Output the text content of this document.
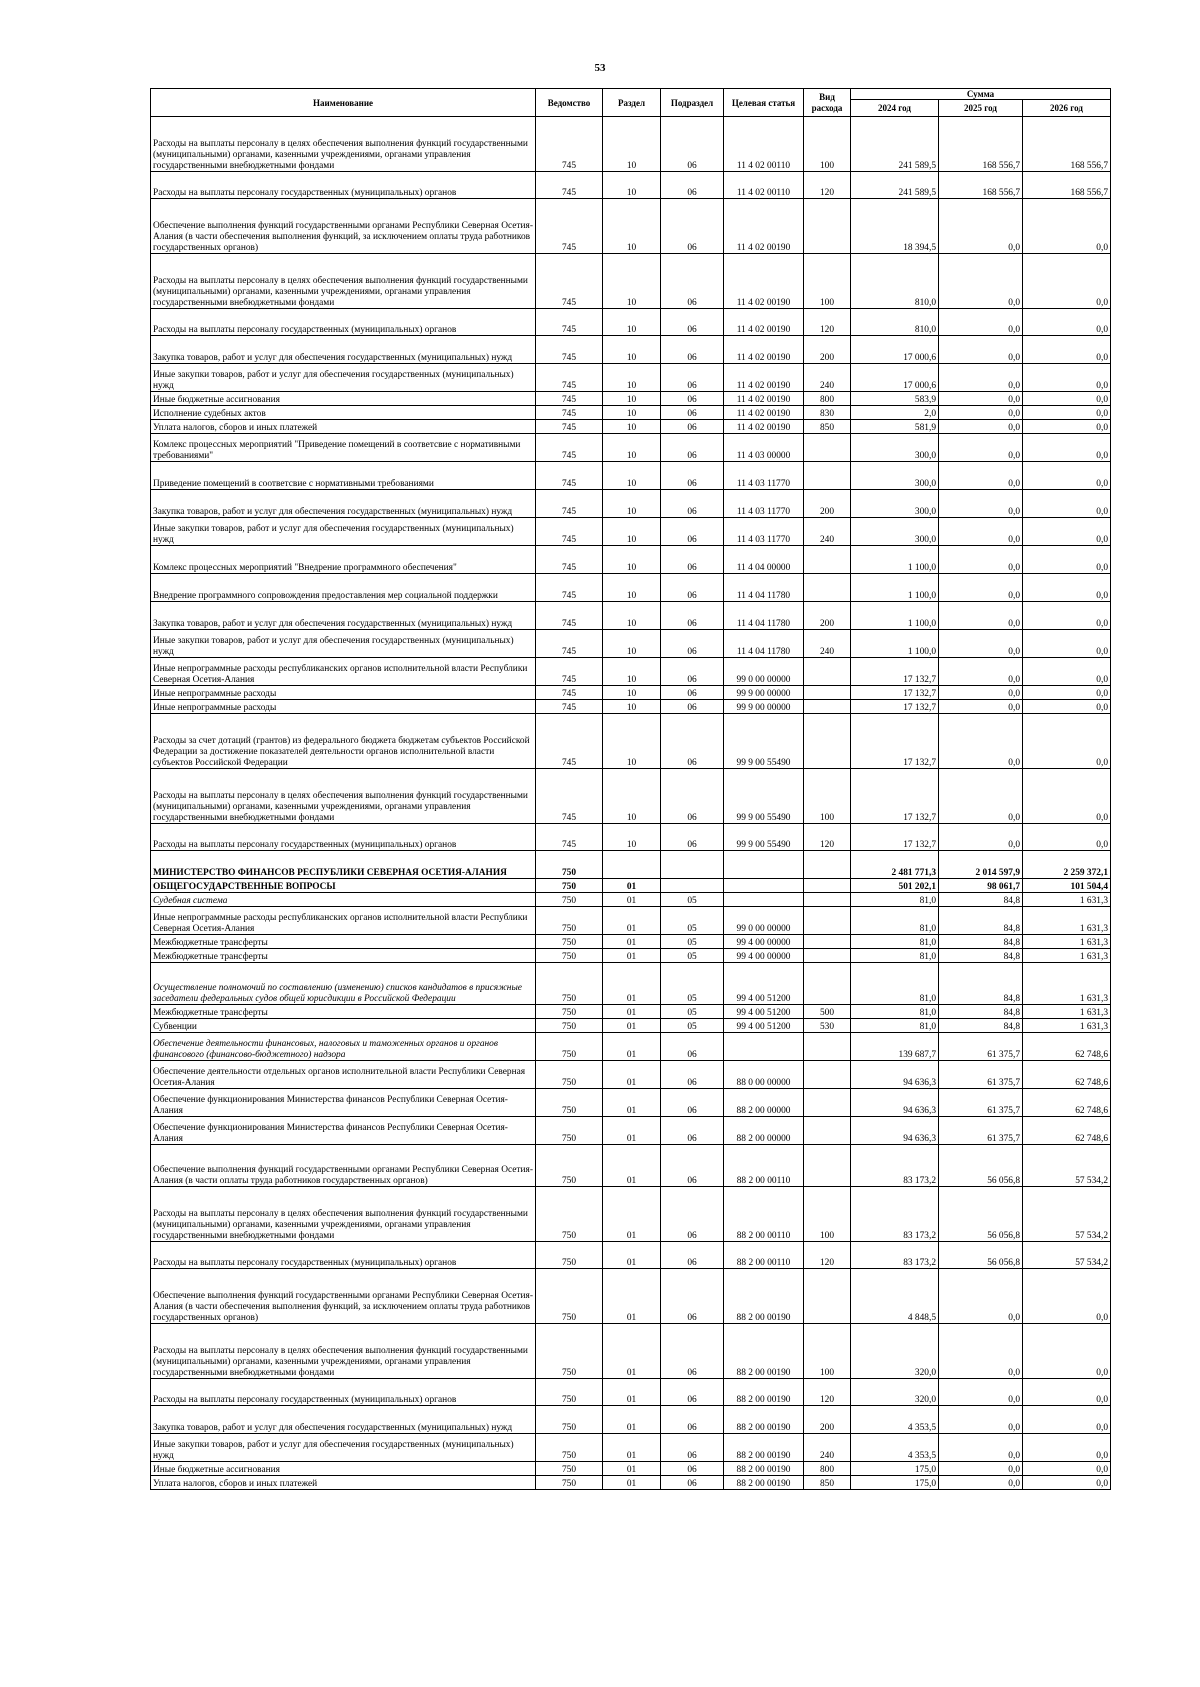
53
Наименование	Ведомство	Раздел	Подраздел	Целевая статья	Вид расхода	Сумма		
						2024 год	2025 год	2026 год
Расходы на выплаты персоналу в целях обеспечения выполнения функций государственными (муниципальными) органами, казенными учреждениями, органами управления государственными внебюджетными фондами	745	10	06	11 4 02 00110	100	241 589,5	168 556,7	168 556,7
Расходы на выплаты персоналу государственных (муниципальных) органов	745	10	06	11 4 02 00110	120	241 589,5	168 556,7	168 556,7
Обеспечение выполнения функций государственными органами Республики Северная Осетия-Алания (в части обеспечения выполнения функций, за исключением оплаты труда работников государственных органов)	745	10	06	11 4 02 00190		18 394,5	0,0	0,0
Расходы на выплаты персоналу в целях обеспечения выполнения функций государственными (муниципальными) органами, казенными учреждениями, органами управления государственными внебюджетными фондами	745	10	06	11 4 02 00190	100	810,0	0,0	0,0
Расходы на выплаты персоналу государственных (муниципальных) органов	745	10	06	11 4 02 00190	120	810,0	0,0	0,0
Закупка товаров, работ и услуг для обеспечения государственных (муниципальных) нужд	745	10	06	11 4 02 00190	200	17 000,6	0,0	0,0
Иные закупки товаров, работ и услуг для обеспечения государственных (муниципальных) нужд	745	10	06	11 4 02 00190	240	17 000,6	0,0	0,0
Иные бюджетные ассигнования	745	10	06	11 4 02 00190	800	583,9	0,0	0,0
Исполнение судебных актов	745	10	06	11 4 02 00190	830	2,0	0,0	0,0
Уплата налогов, сборов и иных платежей	745	10	06	11 4 02 00190	850	581,9	0,0	0,0
Комлекс процессных мероприятий "Приведение помещений в соответсвие с нормативными требованиями"	745	10	06	11 4 03 00000		300,0	0,0	0,0
Приведение помещений в соответсвие с нормативными требованиями	745	10	06	11 4 03 11770		300,0	0,0	0,0
Закупка товаров, работ и услуг для обеспечения государственных (муниципальных) нужд	745	10	06	11 4 03 11770	200	300,0	0,0	0,0
Иные закупки товаров, работ и услуг для обеспечения государственных (муниципальных) нужд	745	10	06	11 4 03 11770	240	300,0	0,0	0,0
Комлекс процессных мероприятий "Внедрение программного обеспечения"	745	10	06	11 4 04 00000		1 100,0	0,0	0,0
Внедрение программного сопровождения предоставления мер социальной поддержки	745	10	06	11 4 04 11780		1 100,0	0,0	0,0
Закупка товаров, работ и услуг для обеспечения государственных (муниципальных) нужд	745	10	06	11 4 04 11780	200	1 100,0	0,0	0,0
Иные закупки товаров, работ и услуг для обеспечения государственных (муниципальных) нужд	745	10	06	11 4 04 11780	240	1 100,0	0,0	0,0
Иные непрограммные расходы республиканских органов исполнительной власти Республики Северная Осетия-Алания	745	10	06	99 0 00 00000		17 132,7	0,0	0,0
Иные непрограммные расходы	745	10	06	99 9 00 00000		17 132,7	0,0	0,0
Иные непрограммные расходы	745	10	06	99 9 00 00000		17 132,7	0,0	0,0
Расходы за счет дотаций (грантов) из федерального бюджета бюджетам субъектов Российской Федерации за достижение показателей деятельности органов исполнительной власти субъектов Российской Федерации	745	10	06	99 9 00 55490		17 132,7	0,0	0,0
Расходы на выплаты персоналу в целях обеспечения выполнения функций государственными (муниципальными) органами, казенными учреждениями, органами управления государственными внебюджетными фондами	745	10	06	99 9 00 55490	100	17 132,7	0,0	0,0
Расходы на выплаты персоналу государственных (муниципальных) органов	745	10	06	99 9 00 55490	120	17 132,7	0,0	0,0
МИНИСТЕРСТВО ФИНАНСОВ РЕСПУБЛИКИ СЕВЕРНАЯ ОСЕТИЯ-АЛАНИЯ	750					2 481 771,3	2 014 597,9	2 259 372,1
ОБЩЕГОСУДАРСТВЕННЫЕ ВОПРОСЫ	750	01				501 202,1	98 061,7	101 504,4
Судебная система	750	01	05			81,0	84,8	1 631,3
Иные непрограммные расходы республиканских органов исполнительной власти Республики Северная Осетия-Алания	750	01	05	99 0 00 00000		81,0	84,8	1 631,3
Межбюджетные трансферты	750	01	05	99 4 00 00000		81,0	84,8	1 631,3
Межбюджетные трансферты	750	01	05	99 4 00 00000		81,0	84,8	1 631,3
Осуществление полномочий по составлению (изменению) списков кандидатов в присяжные заседатели федеральных судов общей юрисдикции в Российской Федерации	750	01	05	99 4 00 51200		81,0	84,8	1 631,3
Межбюджетные трансферты	750	01	05	99 4 00 51200	500	81,0	84,8	1 631,3
Субвенции	750	01	05	99 4 00 51200	530	81,0	84,8	1 631,3
Обеспечение деятельности финансовых, налоговых и таможенных органов и органов финансового (финансово-бюджетного) надзора	750	01	06			139 687,7	61 375,7	62 748,6
Обеспечение деятельности отдельных органов исполнительной власти Республики Северная Осетия-Алания	750	01	06	88 0 00 00000		94 636,3	61 375,7	62 748,6
Обеспечение функционирования Министерства финансов Республики Северная Осетия-Алания	750	01	06	88 2 00 00000		94 636,3	61 375,7	62 748,6
Обеспечение функционирования Министерства финансов Республики Северная Осетия-Алания	750	01	06	88 2 00 00000		94 636,3	61 375,7	62 748,6
Обеспечение выполнения функций государственными органами Республики Северная Осетия-Алания (в части оплаты труда работников государственных органов)	750	01	06	88 2 00 00110		83 173,2	56 056,8	57 534,2
Расходы на выплаты персоналу в целях обеспечения выполнения функций государственными (муниципальными) органами, казенными учреждениями, органами управления государственными внебюджетными фондами	750	01	06	88 2 00 00110	100	83 173,2	56 056,8	57 534,2
Расходы на выплаты персоналу государственных (муниципальных) органов	750	01	06	88 2 00 00110	120	83 173,2	56 056,8	57 534,2
Обеспечение выполнения функций государственными органами Республики Северная Осетия-Алания (в части обеспечения выполнения функций, за исключением оплаты труда работников государственных органов)	750	01	06	88 2 00 00190		4 848,5	0,0	0,0
Расходы на выплаты персоналу в целях обеспечения выполнения функций государственными (муниципальными) органами, казенными учреждениями, органами управления государственными внебюджетными фондами	750	01	06	88 2 00 00190	100	320,0	0,0	0,0
Расходы на выплаты персоналу государственных (муниципальных) органов	750	01	06	88 2 00 00190	120	320,0	0,0	0,0
Закупка товаров, работ и услуг для обеспечения государственных (муниципальных) нужд	750	01	06	88 2 00 00190	200	4 353,5	0,0	0,0
Иные закупки товаров, работ и услуг для обеспечения государственных (муниципальных) нужд	750	01	06	88 2 00 00190	240	4 353,5	0,0	0,0
Иные бюджетные ассигнования	750	01	06	88 2 00 00190	800	175,0	0,0	0,0
Уплата налогов, сборов и иных платежей	750	01	06	88 2 00 00190	850	175,0	0,0	0,0
